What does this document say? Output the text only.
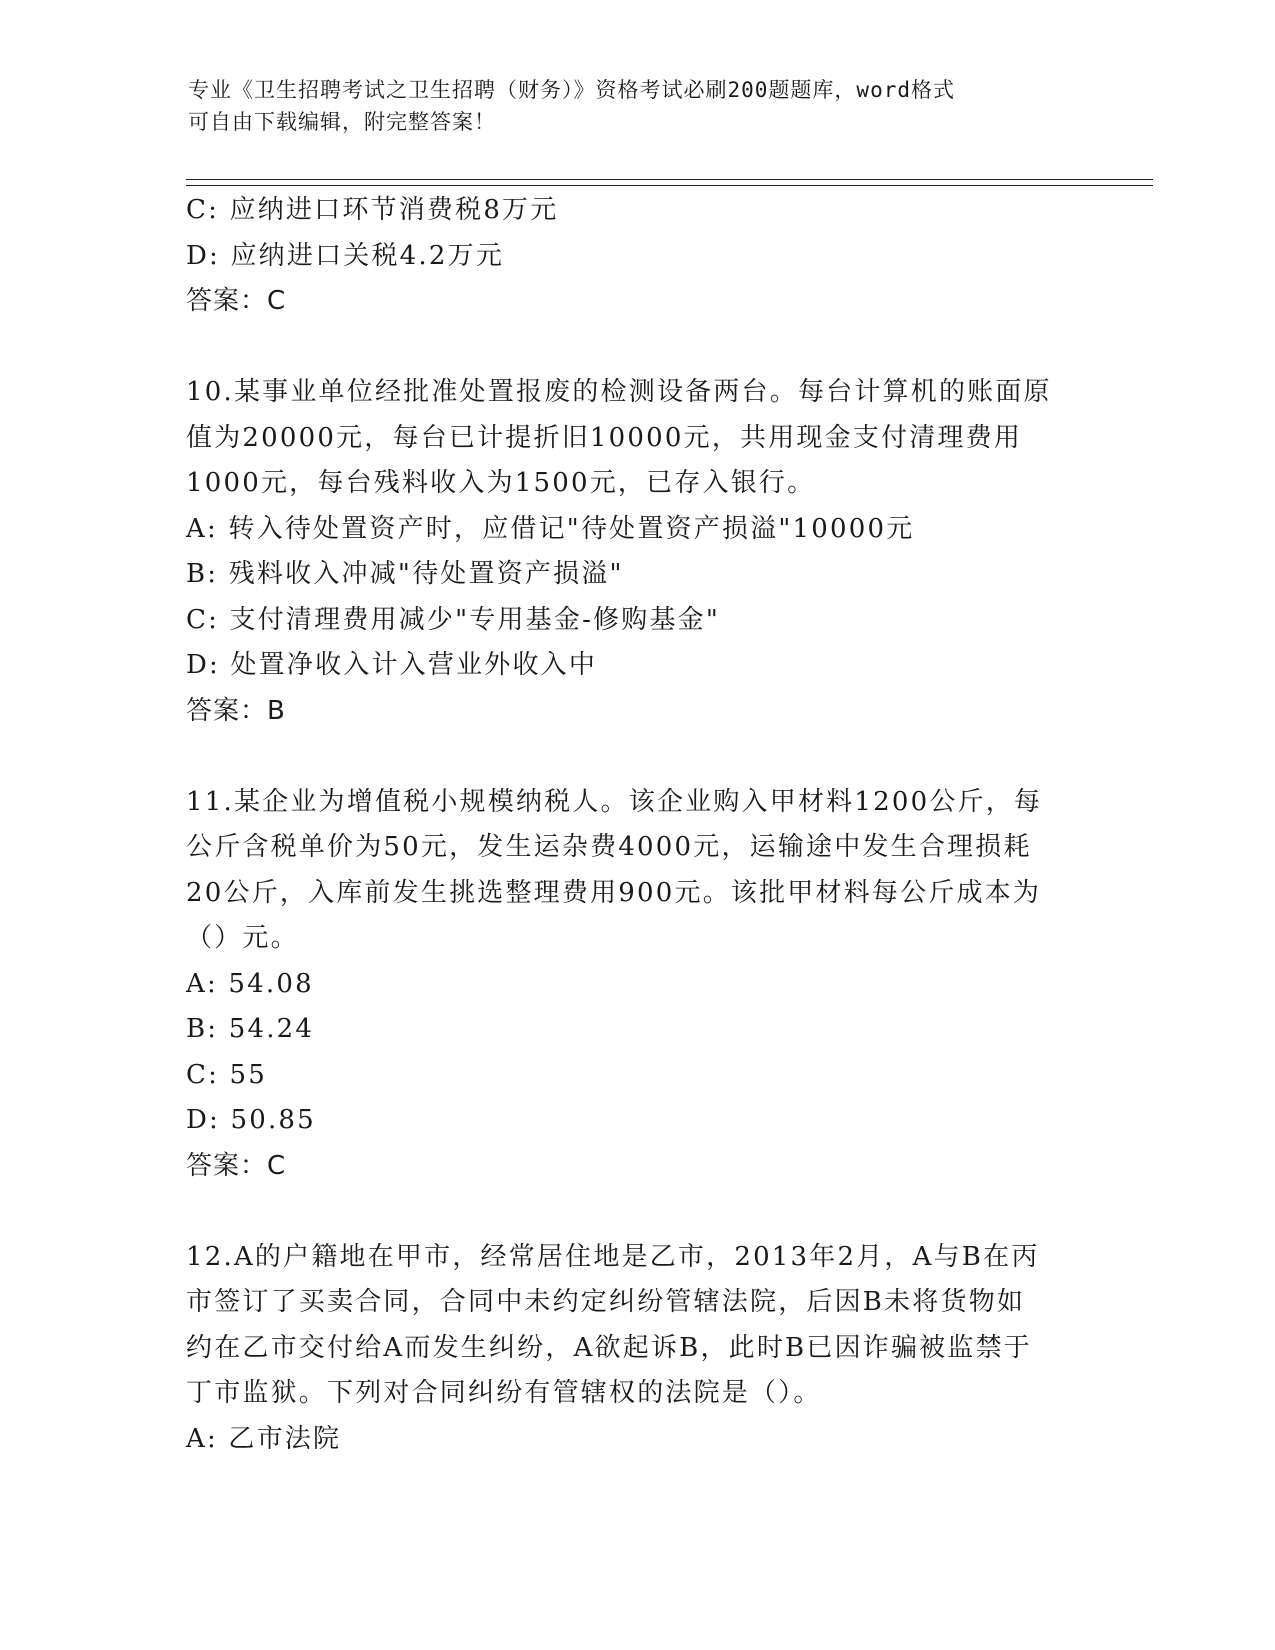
专业《卫生招聘考试之卫生招聘（财务）》资格考试必刷200题题库，word格式
可自由下载编辑，附完整答案！
C: 应纳进口环节消费税8万元
D: 应纳进口关税4.2万元
答案：C
10.某事业单位经批准处置报废的检测设备两台。每台计算机的账面原
值为20000元，每台已计提折旧10000元，共用现金支付清理费用
1000元，每台残料收入为1500元，已存入银行。
A: 转入待处置资产时，应借记"待处置资产损溢"10000元
B: 残料收入冲减"待处置资产损溢"
C: 支付清理费用减少"专用基金-修购基金"
D: 处置净收入计入营业外收入中
答案：B
11.某企业为增值税小规模纳税人。该企业购入甲材料1200公斤，每
公斤含税单价为50元，发生运杂费4000元，运输途中发生合理损耗
20公斤，入库前发生挑选整理费用900元。该批甲材料每公斤成本为
（）元。
A: 54.08
B: 54.24
C: 55
D: 50.85
答案：C
12.A的户籍地在甲市，经常居住地是乙市，2013年2月，A与B在丙
市签订了买卖合同，合同中未约定纠纷管辖法院，后因B未将货物如
约在乙市交付给A而发生纠纷，A欲起诉B，此时B已因诈骗被监禁于
丁市监狱。下列对合同纠纷有管辖权的法院是（）。
A: 乙市法院
